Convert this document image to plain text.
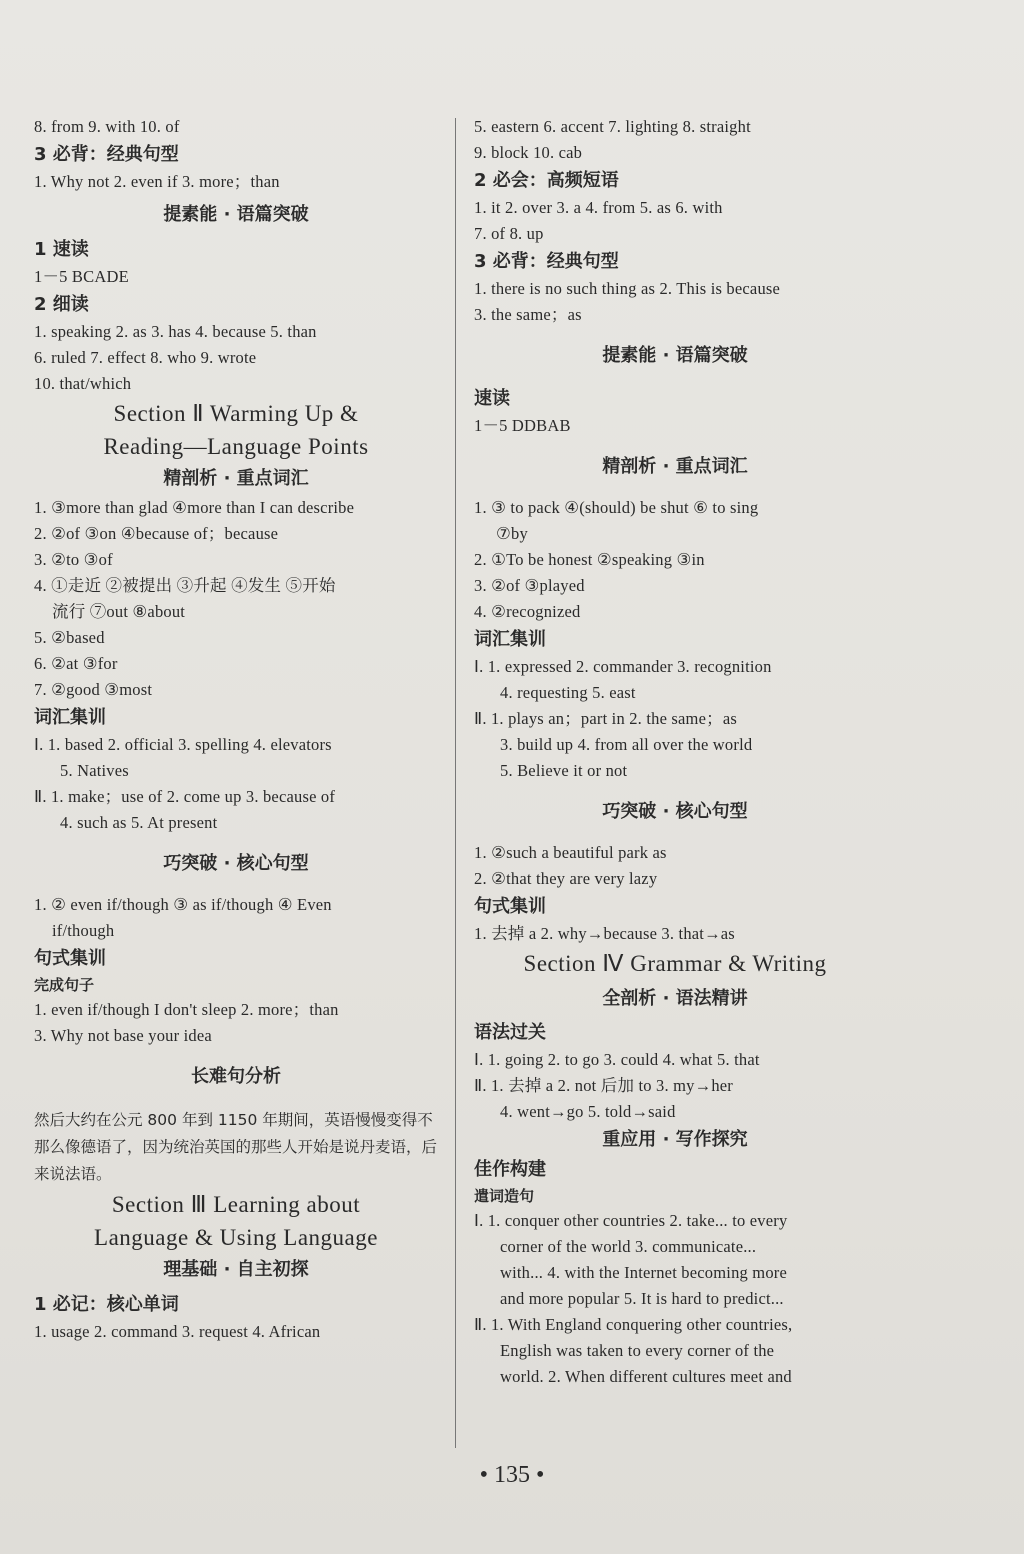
8. from 9. with 10. of
3 必背：经典句型
1. Why not 2. even if 3. more；than
提素能 · 语篇突破
1 速读
1－5 BCADE
2 细读
1. speaking 2. as 3. has 4. because 5. than
6. ruled 7. effect 8. who 9. wrote
10. that/which
Section Ⅱ Warming Up &
Reading—Language Points
精剖析 · 重点词汇
1. ③more than glad ④more than I can describe
2. ②of ③on ④because of；because
3. ②to ③of
4. ①走近 ②被提出 ③升起 ④发生 ⑤开始
流行 ⑦out ⑧about
5. ②based
6. ②at ③for
7. ②good ③most
词汇集训
Ⅰ. 1. based 2. official 3. spelling 4. elevators
5. Natives
Ⅱ. 1. make；use of 2. come up 3. because of
4. such as 5. At present
巧突破 · 核心句型
1. ② even if/though ③ as if/though ④ Even
if/though
句式集训
完成句子
1. even if/though I don't sleep 2. more；than
3. Why not base your idea
长难句分析
然后大约在公元 800 年到 1150 年期间，英语慢慢变得不那么像德语了，因为统治英国的那些人开始是说丹麦语，后来说法语。
Section Ⅲ Learning about
Language & Using Language
理基础 · 自主初探
1 必记：核心单词
1. usage 2. command 3. request 4. African
5. eastern 6. accent 7. lighting 8. straight
9. block 10. cab
2 必会：高频短语
1. it 2. over 3. a 4. from 5. as 6. with
7. of 8. up
3 必背：经典句型
1. there is no such thing as 2. This is because
3. the same；as
提素能 · 语篇突破
速读
1－5 DDBAB
精剖析 · 重点词汇
1. ③ to pack ④(should) be shut ⑥ to sing
⑦by
2. ①To be honest ②speaking ③in
3. ②of ③played
4. ②recognized
词汇集训
Ⅰ. 1. expressed 2. commander 3. recognition
4. requesting 5. east
Ⅱ. 1. plays an；part in 2. the same；as
3. build up 4. from all over the world
5. Believe it or not
巧突破 · 核心句型
1. ②such a beautiful park as
2. ②that they are very lazy
句式集训
1. 去掉 a 2. why→because 3. that→as
Section Ⅳ Grammar & Writing
全剖析 · 语法精讲
语法过关
Ⅰ. 1. going 2. to go 3. could 4. what 5. that
Ⅱ. 1. 去掉 a 2. not 后加 to 3. my→her
4. went→go 5. told→said
重应用 · 写作探究
佳作构建
遣词造句
Ⅰ. 1. conquer other countries 2. take... to every
corner of the world 3. communicate...
with... 4. with the Internet becoming more
and more popular 5. It is hard to predict...
Ⅱ. 1. With England conquering other countries,
English was taken to every corner of the
world. 2. When different cultures meet and
• 135 •
